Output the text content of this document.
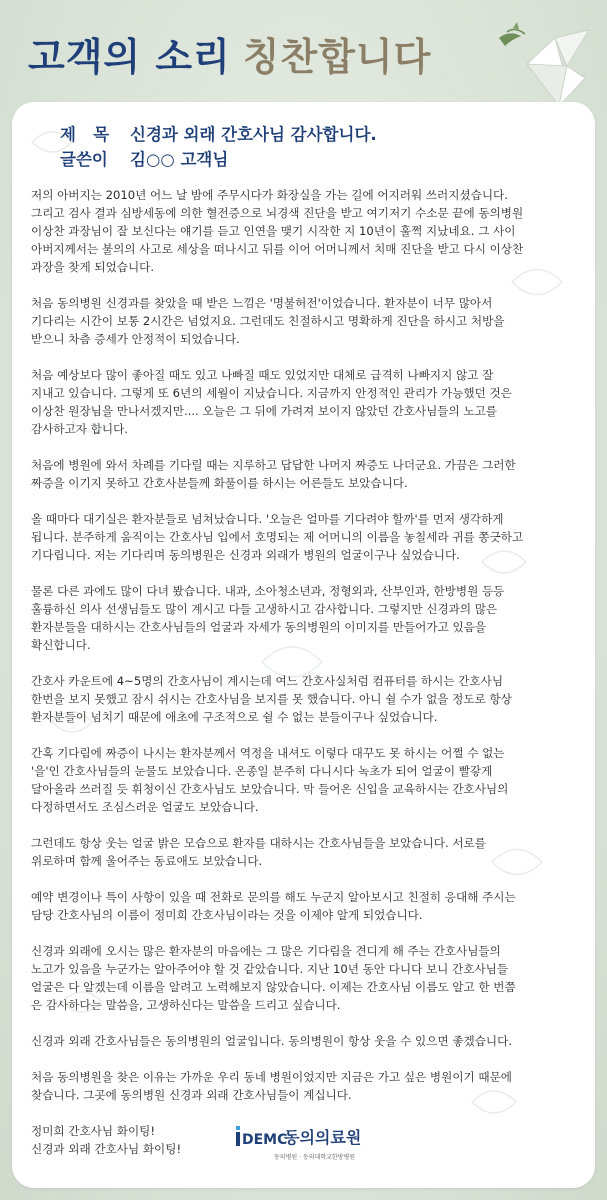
고객의 소리 칭찬합니다
제   목	신경과 외래 간호사님 감사합니다.
글쓴이	김○○ 고객님

저의 아버지는 2010년 어느 날 밤에 주무시다가 화장실을 가는 길에 어지러워 쓰러지셨습니다.
그리고 검사 결과 심방세동에 의한 혈전증으로 뇌경색 진단을 받고 여기저기 수소문 끝에 동의병원
이상찬 과장님이 잘 보신다는 얘기를 듣고 인연을 맺기 시작한 지 10년이 훌쩍 지났네요. 그 사이
아버지께서는 불의의 사고로 세상을 떠나시고 뒤를 이어 어머니께서 치매 진단을 받고 다시 이상찬
과장을 찾게 되었습니다.

처음 동의병원 신경과를 찾았을 때 받은 느낌은 '명불허전'이었습니다. 환자분이 너무 많아서
기다리는 시간이 보통 2시간은 넘었지요. 그런데도 친절하시고 명확하게 진단을 하시고 처방을
받으니 차츰 증세가 안정적이 되었습니다.

처음 예상보다 많이 좋아질 때도 있고 나빠질 때도 있었지만 대체로 급격히 나빠지지 않고 잘
지내고 있습니다. 그렇게 또 6년의 세월이 지났습니다. 지금까지 안정적인 관리가 가능했던 것은
이상찬 원장님을 만나서겠지만.... 오늘은 그 뒤에 가려져 보이지 않았던 간호사님들의 노고를
감사하고자 합니다.

처음에 병원에 와서 차례를 기다릴 때는 지루하고 답답한 나머지 짜증도 나더군요. 가끔은 그러한
짜증을 이기지 못하고 간호사분들께 화풀이를 하시는 어른들도 보았습니다.

올 때마다 대기실은 환자분들로 넘쳐났습니다. '오늘은 얼마를 기다려야 할까'를 먼저 생각하게
됩니다. 분주하게 움직이는 간호사님 입에서 호명되는 제 어머니의 이름을 놓칠세라 귀를 쫑긋하고
기다립니다. 저는 기다리며 동의병원은 신경과 외래가 병원의 얼굴이구나 싶었습니다.

물론 다른 과에도 많이 다녀 봤습니다. 내과, 소아청소년과, 정형외과, 산부인과, 한방병원 등등
훌륭하신 의사 선생님들도 많이 계시고 다들 고생하시고 감사합니다. 그렇지만 신경과의 많은
환자분들을 대하시는 간호사님들의 얼굴과 자세가 동의병원의 이미지를 만들어가고 있음을
확신합니다.

간호사 카운트에 4~5명의 간호사님이 계시는데 여느 간호사실처럼 컴퓨터를 하시는 간호사님
한번을 보지 못했고 잠시 쉬시는 간호사님을 보지를 못 했습니다. 아니 쉴 수가 없을 정도로 항상
환자분들이 넘치기 때문에 애초에 구조적으로 쉴 수 없는 분들이구나 싶었습니다.

간혹 기다림에 짜증이 나시는 환자분께서 역정을 내셔도 이렇다 대꾸도 못 하시는 어쩔 수 없는
'을'인 간호사님들의 눈물도 보았습니다. 온종일 분주히 다니시다 녹초가 되어 얼굴이 빨갛게
달아올라 쓰러질 듯 휘청이신 간호사님도 보았습니다. 막 들어온 신입을 교육하시는 간호사님의
다정하면서도 조심스러운 얼굴도 보았습니다.

그런데도 항상 웃는 얼굴 밝은 모습으로 환자를 대하시는 간호사님들을 보았습니다. 서로를
위로하며 함께 울어주는 동료애도 보았습니다.

예약 변경이나 특이 사항이 있을 때 전화로 문의를 해도 누군지 알아보시고 친절히 응대해 주시는
담당 간호사님의 이름이 정미희 간호사님이라는 것을 이제야 알게 되었습니다.

신경과 외래에 오시는 많은 환자분의 마음에는 그 많은 기다림을 견디게 해 주는 간호사님들의
노고가 있음을 누군가는 알아주어야 할 것 같았습니다. 지난 10년 동안 다니다 보니 간호사님들
얼굴은 다 알겠는데 이름을 알려고 노력해보지 않았습니다. 이제는 간호사님 이름도 알고 한 번쯤
은 감사하다는 말씀을, 고생하신다는 말씀을 드리고 싶습니다.

신경과 외래 간호사님들은 동의병원의 얼굴입니다. 동의병원이 항상 웃을 수 있으면 좋겠습니다.

처음 동의병원을 찾은 이유는 가까운 우리 동네 병원이었지만 지금은 가고 싶은 병원이기 때문에
찾습니다. 그곳에 동의병원 신경과 외래 간호사님들이 계십니다.

정미희 간호사님 화이팅!
신경과 외래 간호사님 화이팅!
DEMC
동의의료원
동의병원 · 동의대학교한방병원
